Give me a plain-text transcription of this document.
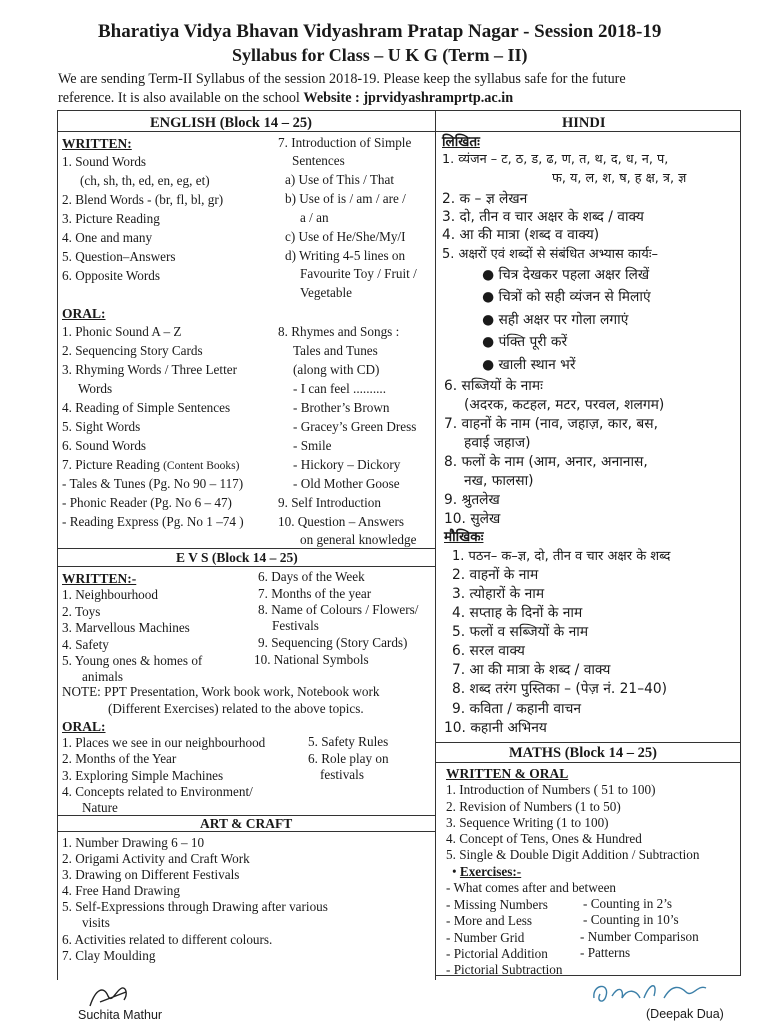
Bharatiya Vidya Bhavan Vidyashram Pratap Nagar - Session 2018-19
Syllabus for Class – U K G (Term – II)
We are sending Term-II Syllabus of the session 2018-19. Please keep the syllabus safe for the future
reference. It is also available on the school Website : jprvidyashramprtp.ac.in
ENGLISH (Block 14 – 25)
WRITTEN:
1. Sound Words
(ch, sh, th, ed, en, eg, et)
2. Blend Words - (br, fl, bl, gr)
3. Picture Reading
4. One and many
5. Question–Answers
6. Opposite Words
7. Introduction of Simple
Sentences
a) Use of This / That
b) Use of is / am / are /
a / an
c) Use of He/She/My/I
d) Writing 4-5 lines on
Favourite Toy / Fruit /
Vegetable
ORAL:
1. Phonic Sound A – Z
2. Sequencing Story Cards
3. Rhyming Words / Three Letter
Words
4. Reading of Simple Sentences
5. Sight Words
6. Sound Words
7. Picture Reading (Content Books)
- Tales & Tunes (Pg. No 90 – 117)
- Phonic Reader (Pg. No 6 – 47)
- Reading Express (Pg. No 1 –74 )
8. Rhymes and Songs :
Tales and Tunes
(along with CD)
- I can feel ..........
- Brother’s Brown
- Gracey’s Green Dress
- Smile
- Hickory – Dickory
- Old Mother Goose
9. Self Introduction
10. Question – Answers
on general knowledge
E V S (Block 14 – 25)
WRITTEN:-
1. Neighbourhood
2. Toys
3. Marvellous Machines
4. Safety
5. Young ones & homes of
animals
6. Days of the Week
7. Months of the year
8. Name of Colours / Flowers/
Festivals
9. Sequencing (Story Cards)
10. National Symbols
NOTE: PPT Presentation, Work book work, Notebook work
(Different Exercises) related to the above topics.
ORAL:
1. Places we see in our neighbourhood
2. Months of the Year
3. Exploring Simple Machines
4. Concepts related to Environment/
Nature
5. Safety Rules
6. Role play on
festivals
ART & CRAFT
1. Number Drawing 6 – 10
2. Origami Activity and Craft Work
3. Drawing on Different Festivals
4. Free Hand Drawing
5. Self-Expressions through Drawing after various
visits
6. Activities related to different colours.
7. Clay Moulding
HINDI
लिखितः
1. व्यंजन – ट, ठ, ड, ढ, ण, त, थ, द, ध, न, प,
फ, य, ल, श, ष, ह क्ष, त्र, ज्ञ
2. क – ज्ञ लेखन
3. दो, तीन व चार अक्षर के शब्द / वाक्य
4. आ की मात्रा (शब्द व वाक्य)
5. अक्षरों एवं शब्दों से संबंधित अभ्यास कार्यः–
● चित्र देखकर पहला अक्षर लिखें
● चित्रों को सही व्यंजन से मिलाएं
● सही अक्षर पर गोला लगाएं
● पंक्ति पूरी करें
● खाली स्थान भरें
6. सब्जियों के नामः
(अदरक, कटहल, मटर, परवल, शलगम)
7. वाहनों के नाम (नाव, जहाज़, कार, बस,
हवाई जहाज)
8. फलों के नाम (आम, अनार, अनानास,
नख, फालसा)
9. श्रुतलेख
10. सुलेख
मौखिकः
1. पठन– क–ज्ञ, दो, तीन व चार अक्षर के शब्द
2. वाहनों के नाम
3. त्योहारों के नाम
4. सप्ताह के दिनों के नाम
5. फलों व सब्जियों के नाम
6. सरल वाक्य
7. आ की मात्रा के शब्द / वाक्य
8. शब्द तरंग पुस्तिका – (पेज़ नं. 21–40)
9. कविता / कहानी वाचन
10. कहानी अभिनय
MATHS (Block 14 – 25)
WRITTEN & ORAL
1. Introduction of Numbers ( 51 to 100)
2. Revision of Numbers (1 to 50)
3. Sequence Writing (1 to 100)
4. Concept of Tens, Ones & Hundred
5. Single & Double Digit Addition / Subtraction
• Exercises:-
- What comes after and between
- Missing Numbers
- More and Less
- Number Grid
- Pictorial Addition
- Pictorial Subtraction
- Counting in 2’s
- Counting in 10’s
- Number Comparison
- Patterns
Suchita Mathur	(Deepak Dua)
